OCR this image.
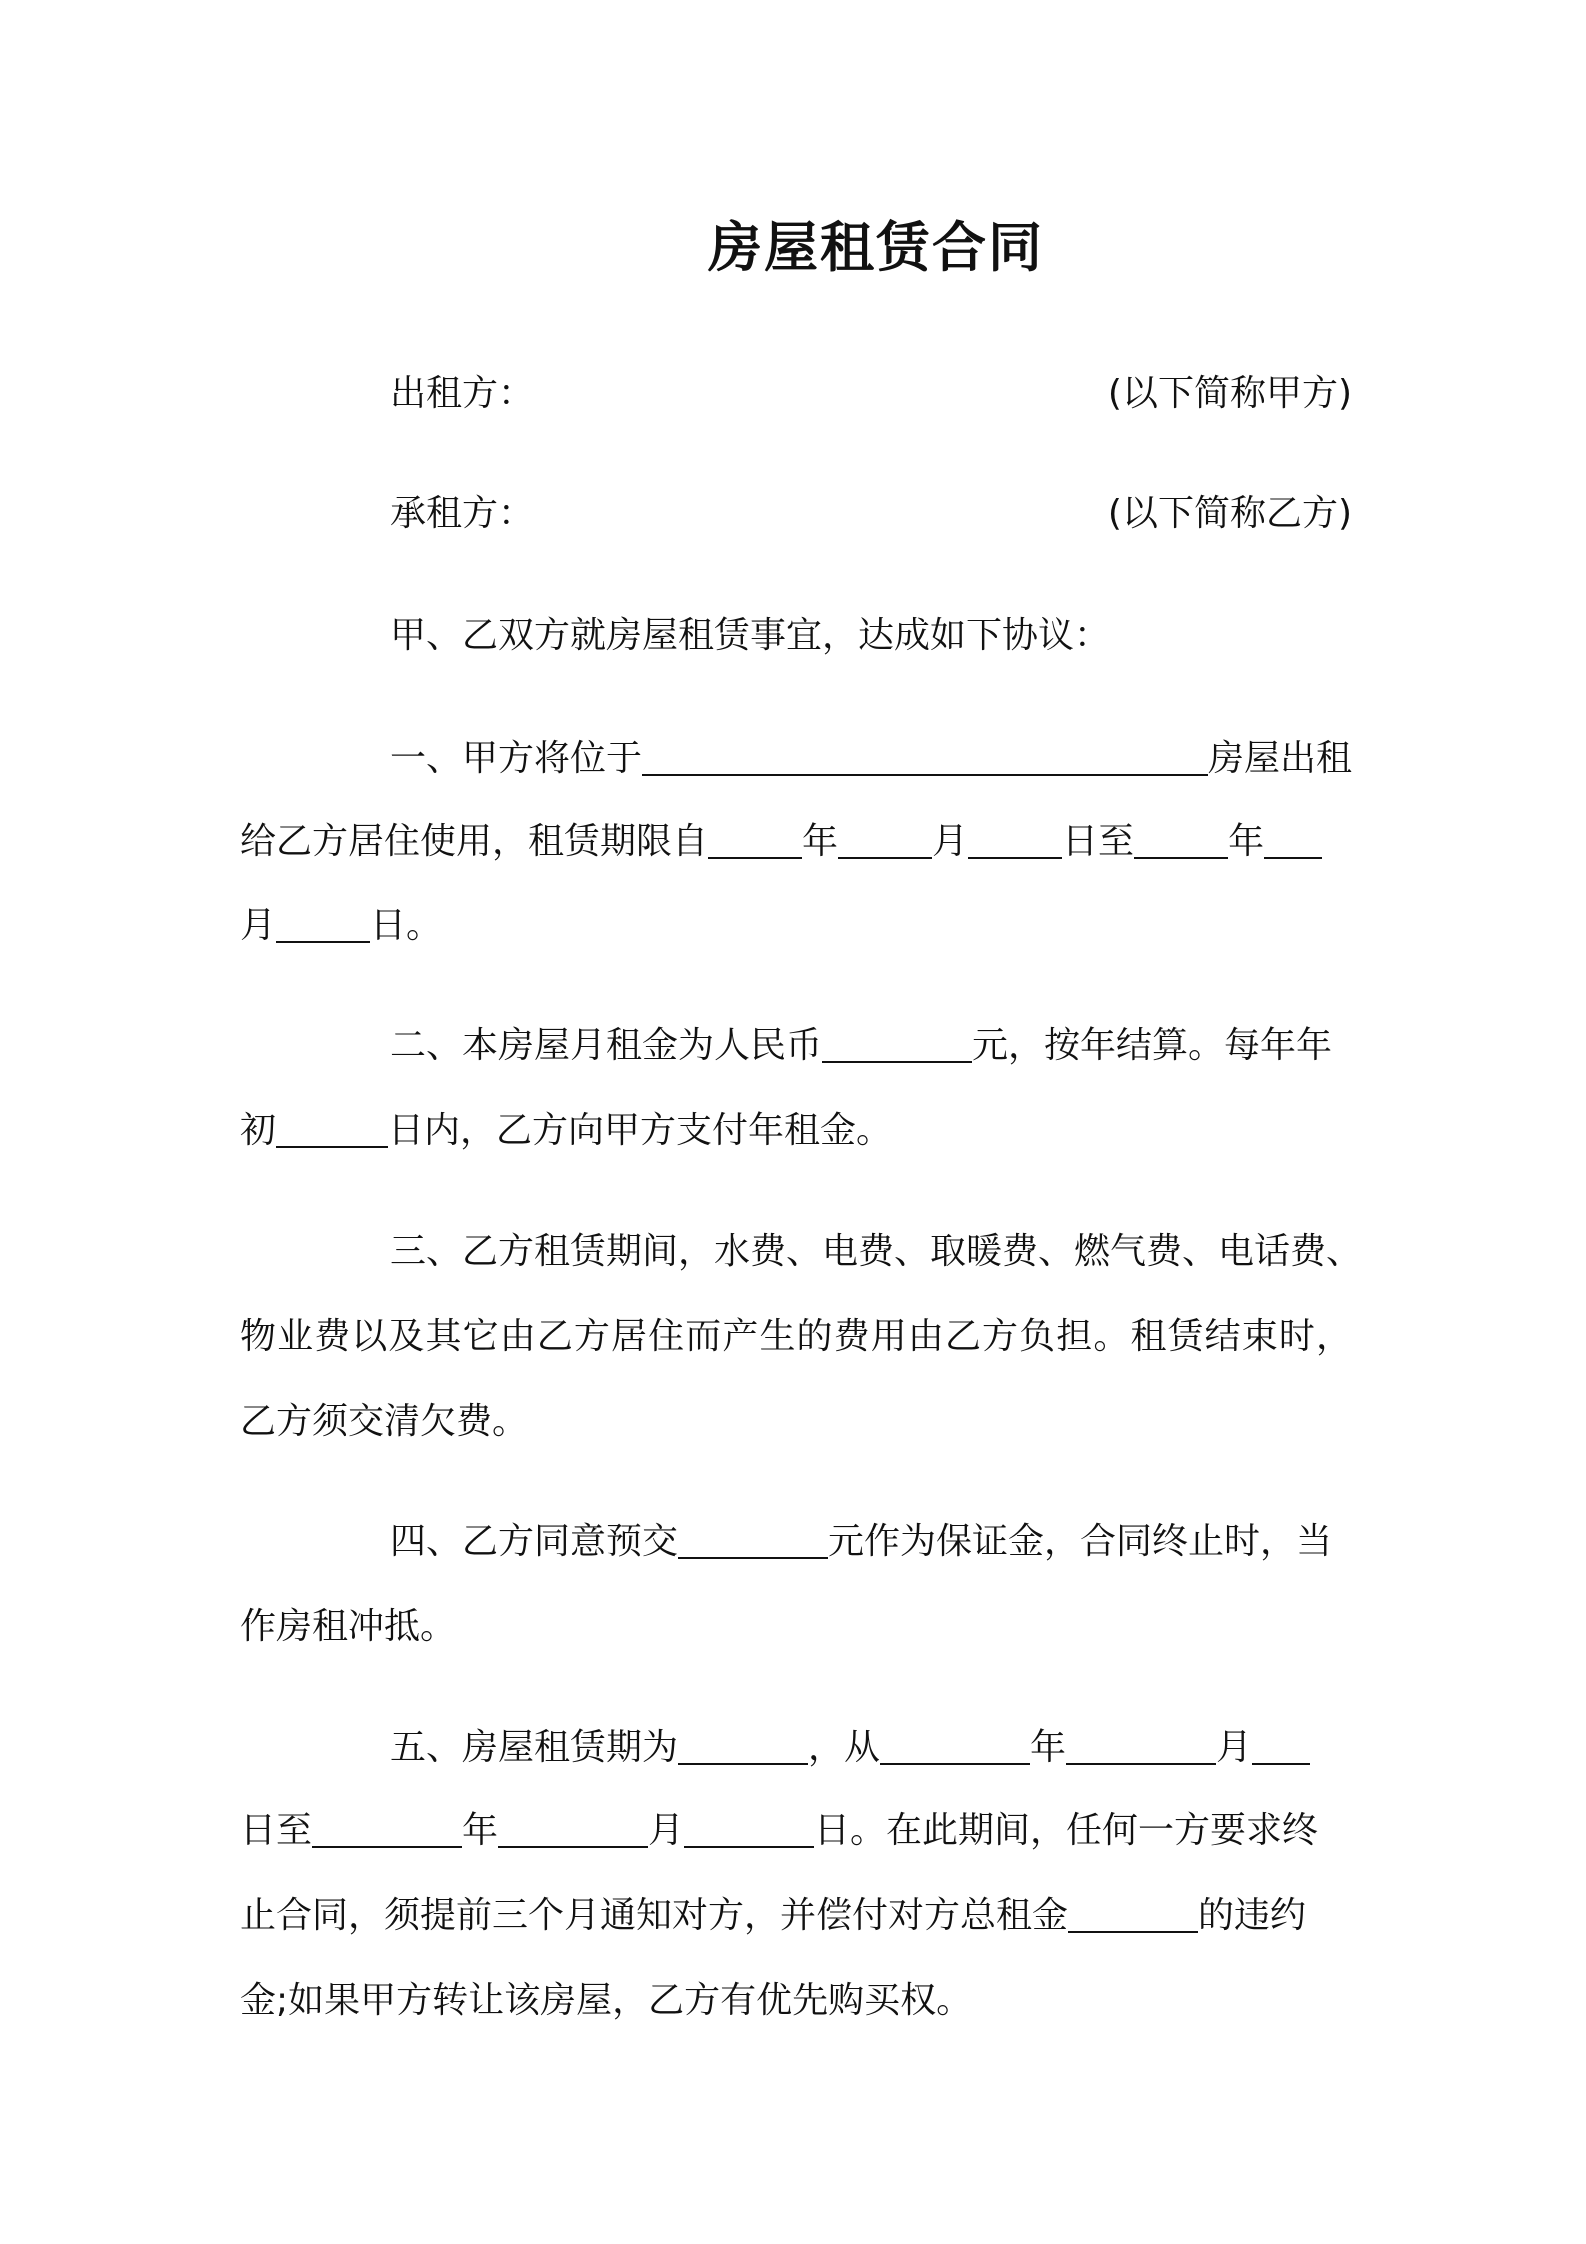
房屋租赁合同
出租方：	(以下简称甲方)
承租方：	(以下简称乙方)
甲、乙双方就房屋租赁事宜，达成如下协议：
一、甲方将位于	房屋出租
给乙方居住使用，租赁期限自	年	月	日至	年
月	日。
二、本房屋月租金为人民币	元，按年结算。每年年
初	日内，乙方向甲方支付年租金。
三、乙方租赁期间，水费、电费、取暖费、燃气费、电话费、
物业费以及其它由乙方居住而产生的费用由乙方负担。租赁结束时，
乙方须交清欠费。
四、乙方同意预交	元作为保证金，合同终止时，当
作房租冲抵。
五、房屋租赁期为	，从	年	月
日至	年	月	日。在此期间，任何一方要求终
止合同，须提前三个月通知对方，并偿付对方总租金	的违约
金;如果甲方转让该房屋，乙方有优先购买权。
